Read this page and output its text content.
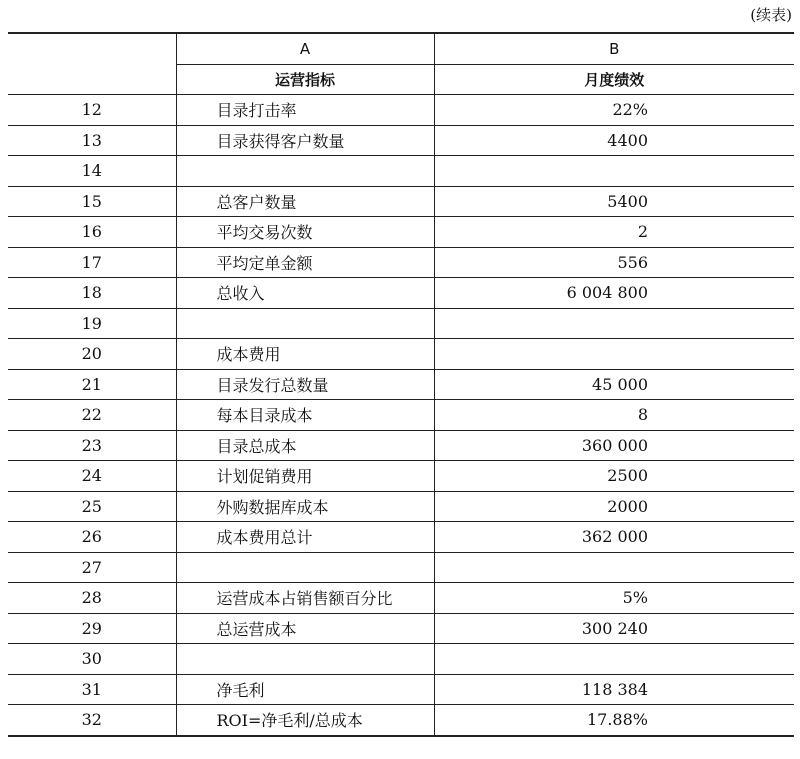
(续表)
	A	B
	运营指标	月度绩效
12	目录打击率	22%
13	目录获得客户数量	4400
14		
15	总客户数量	5400
16	平均交易次数	2
17	平均定单金额	556
18	总收入	6 004 800
19		
20	成本费用	
21	目录发行总数量	45 000
22	每本目录成本	8
23	目录总成本	360 000
24	计划促销费用	2500
25	外购数据库成本	2000
26	成本费用总计	362 000
27		
28	运营成本占销售额百分比	5%
29	总运营成本	300 240
30		
31	净毛利	118 384
32	ROI=净毛利/总成本	17.88%
